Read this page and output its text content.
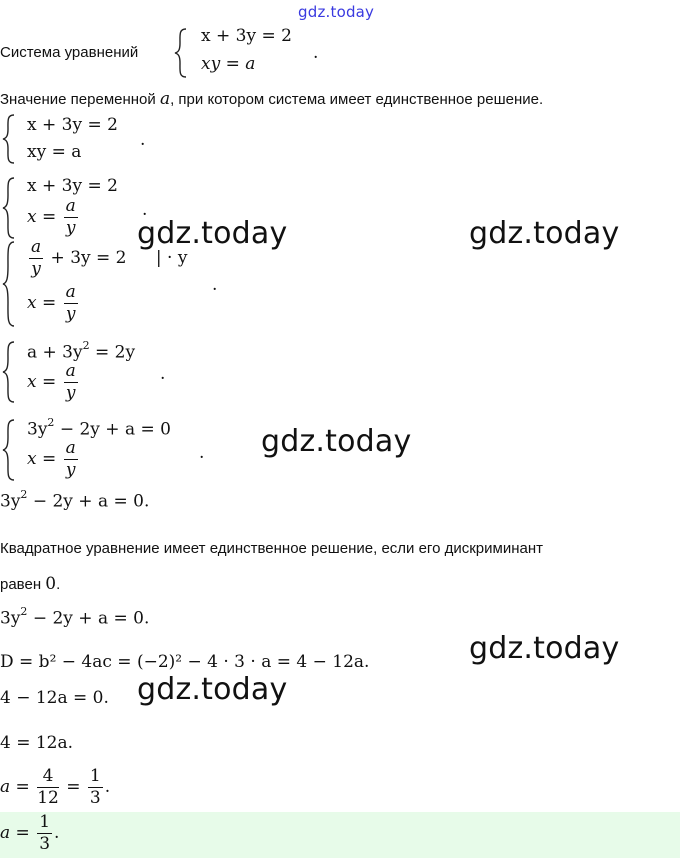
gdz.today
Система уравнений
x + 3y = 2
xy = a
.
Значение переменной a, при котором система имеет единственное решение.
x + 3y = 2
xy = a
.
x + 3y = 2
$x = \frac{a}{y}$	.
$\frac{a}{y} + 3y = 2$ | · y
$x = \frac{a}{y}$	.
$a + 3y^2 = 2y$
$x = \frac{a}{y}$	.
$3y^2 - 2y + a = 0$
$x = \frac{a}{y}$	.
$3y^2 - 2y + a = 0$.
Квадратное уравнение имеет единственное решение, если его дискриминант
равен 0.
$3y^2 - 2y + a = 0$.
D = b² − 4ac = (−2)² − 4 · 3 · a = 4 − 12a.
4 − 12a = 0.
4 = 12a.
$a = \frac{4}{12} = \frac{1}{3}$ .
$a = \frac{1}{3}$ .
gdz.today	gdz.today
gdz.today
gdz.today
gdz.today
